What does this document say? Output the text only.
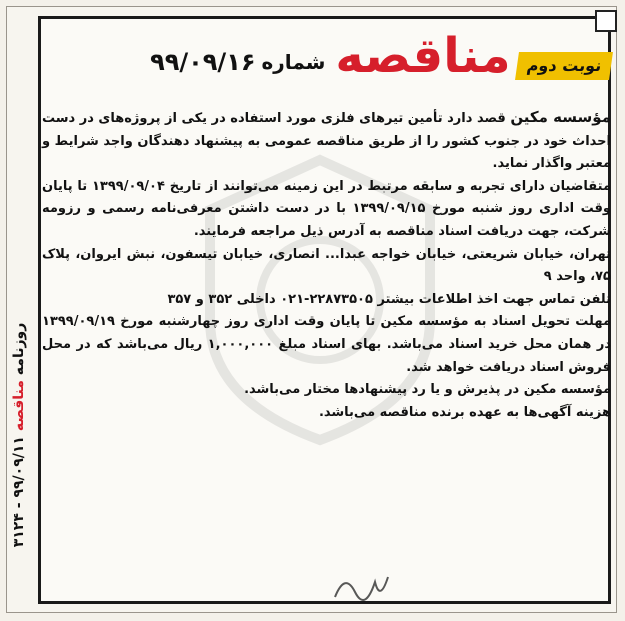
نوبت دوم
مناقصه
شماره
۹۹/۰۹/۱۶

مؤسسه مکین قصد دارد تأمین تیرهای فلزی مورد استفاده در یکی از پروژه‌های در دست احداث خود در جنوب کشور را از طریق مناقصه عمومی به پیشنهاد دهندگان واجد شرایط و معتبر واگذار نماید.

متقاضیان دارای تجربه و سابقه مرتبط در این زمینه می‌توانند از تاریخ ۱۳۹۹/۰۹/۰۴ تا پایان وقت اداری روز شنبه مورخ ۱۳۹۹/۰۹/۱۵ با در دست داشتن معرفی‌نامه رسمی و رزومه شرکت، جهت دریافت اسناد مناقصه به آدرس ذیل مراجعه فرمایند.

تهران، خیابان شریعتی، خیابان خواجه عبدا... انصاری، خیابان تیسفون، نبش ایروان، پلاک ۷۵، واحد ۹

تلفن تماس جهت اخذ اطلاعات بیشتر ۲۲۸۷۳۵۰۵-۰۲۱ داخلی ۳۵۲ و ۳۵۷

مهلت تحویل اسناد به مؤسسه مکین تا پایان وقت اداری روز چهارشنبه مورخ ۱۳۹۹/۰۹/۱۹ در همان محل خرید اسناد می‌باشد. بهای اسناد مبلغ ۱,۰۰۰,۰۰۰ ریال می‌باشد که در محل فروش اسناد دریافت خواهد شد.

مؤسسه مکین در پذیرش و یا رد پیشنهادها مختار می‌باشد.

هزینه آگهی‌ها به عهده برنده مناقصه می‌باشد.

روزنامه مناقصه ۹۹/۰۹/۱۱ - ۳۱۲۴
